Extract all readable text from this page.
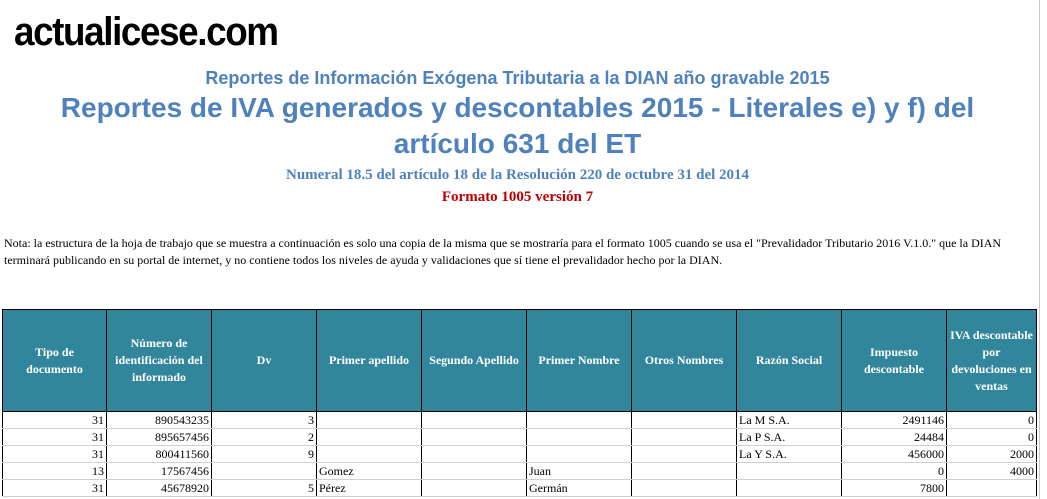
actualicese.com
Reportes de Información Exógena Tributaria a la DIAN año gravable 2015
Reportes de IVA generados y descontables 2015 - Literales e) y f) del
artículo 631 del ET
Numeral 18.5 del artículo 18 de la Resolución 220 de octubre 31 del 2014
Formato 1005 versión 7
Nota: la estructura de la hoja de trabajo que se muestra a continuación es solo una copia de la misma que se mostraría para el formato 1005 cuando se usa el "Prevalidador Tributario 2016 V.1.0." que la DIAN terminará publicando en su portal de internet, y no contiene todos los niveles de ayuda y validaciones que sí tiene el prevalidador hecho por la DIAN.
Tipo de documento	Número de identificación del informado	Dv	Primer apellido	Segundo Apellido	Primer Nombre	Otros Nombres	Razón Social	Impuesto descontable	IVA descontable por devoluciones en ventas
31	890543235	3					La M S.A.	2491146	0
31	895657456	2					La P S.A.	24484	0
31	800411560	9					La Y S.A.	456000	2000
13	17567456		Gomez		Juan			0	4000
31	45678920	5	Pérez		Germán			7800	
